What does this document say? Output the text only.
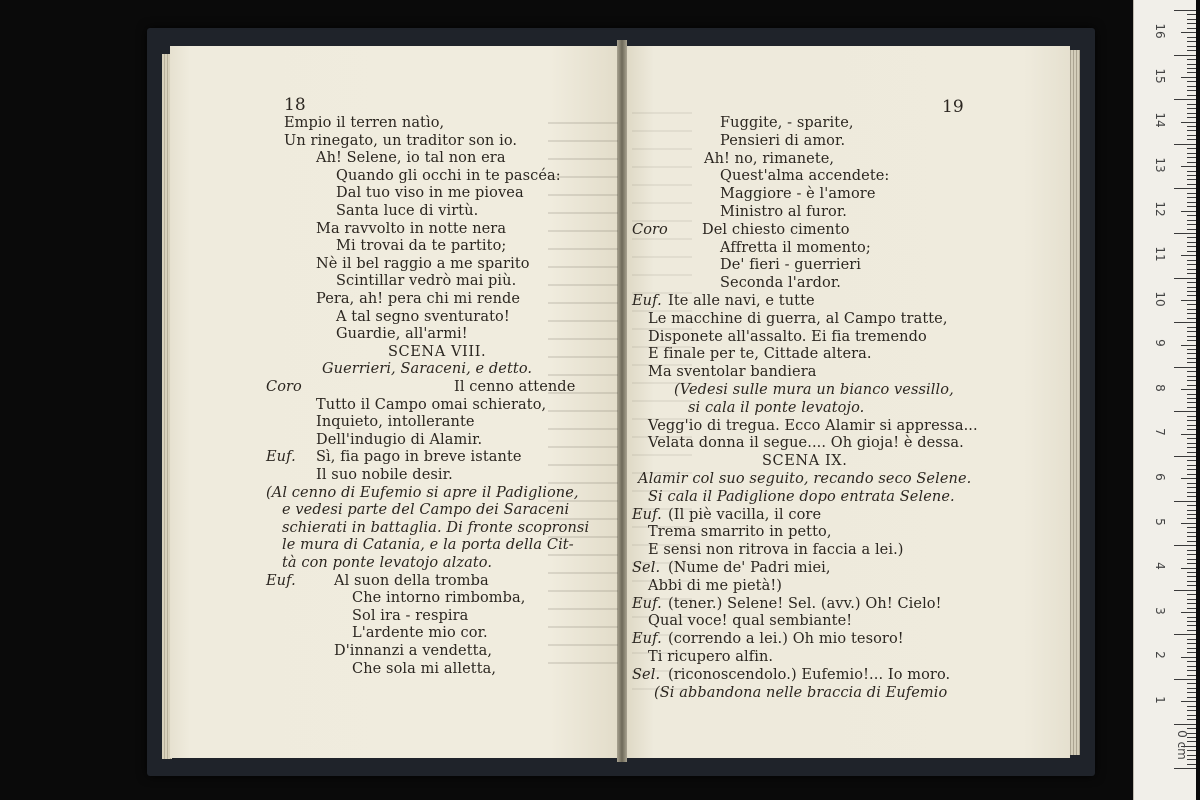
18	19
Empio il terren natìo,
Un rinegato, un traditor son io.
Ah! Selene, io tal non era
Quando gli occhi in te pascéa:
Dal tuo viso in me piovea
Santa luce di virtù.
Ma ravvolto in notte nera
Mi trovai da te partito;
Nè il bel raggio a me sparito
Scintillar vedrò mai più.
Pera, ah! pera chi mi rende
A tal segno sventurato!
Guardie, all'armi!
SCENA VIII.
Guerrieri, Saraceni, e detto.
Coro	Il cenno attende
Tutto il Campo omai schierato,
Inquieto, intollerante
Dell'indugio di Alamir.
Euf. Sì, fia pago in breve istante
Il suo nobile desir.
(Al cenno di Eufemio si apre il Padiglione,
e vedesi parte del Campo dei Saraceni
schierati in battaglia. Di fronte scopronsi
le mura di Catania, e la porta della Cit-
tà con ponte levatojo alzato.
Euf.	Al suon della tromba
Che intorno rimbomba,
Sol ira - respira
L'ardente mio cor.
D'innanzi a vendetta,
Che sola mi alletta,
Fuggite, - sparite,
Pensieri di amor.
Ah! no, rimanete,
Quest'alma accendete:
Maggiore - è l'amore
Ministro al furor.
Coro Del chiesto cimento
Affretta il momento;
De' fieri - guerrieri
Seconda l'ardor.
Euf. Ite alle navi, e tutte
Le macchine di guerra, al Campo tratte,
Disponete all'assalto. Ei fia tremendo
E finale per te, Cittade altera.
Ma sventolar bandiera
(Vedesi sulle mura un bianco vessillo,
si cala il ponte levatojo.
Vegg'io di tregua. Ecco Alamir si appressa...
Velata donna il segue.... Oh gioja! è dessa.
SCENA IX.
Alamir col suo seguito, recando seco Selene.
Si cala il Padiglione dopo entrata Selene.
Euf. (Il piè vacilla, il core
Trema smarrito in petto,
E sensi non ritrova in faccia a lei.)
Sel. (Nume de' Padri miei,
Abbi di me pietà!)
Euf. (tener.) Selene! Sel. (avv.) Oh! Cielo!
Qual voce! qual sembiante!
Euf. (correndo a lei.) Oh mio tesoro!
Ti ricupero alfin.
Sel. (riconoscendolo.) Eufemio!... Io moro.
(Si abbandona nelle braccia di Eufemio
0 cm
1
2
3
4
5
6
7
8
9
10
11
12
13
14
15
16
